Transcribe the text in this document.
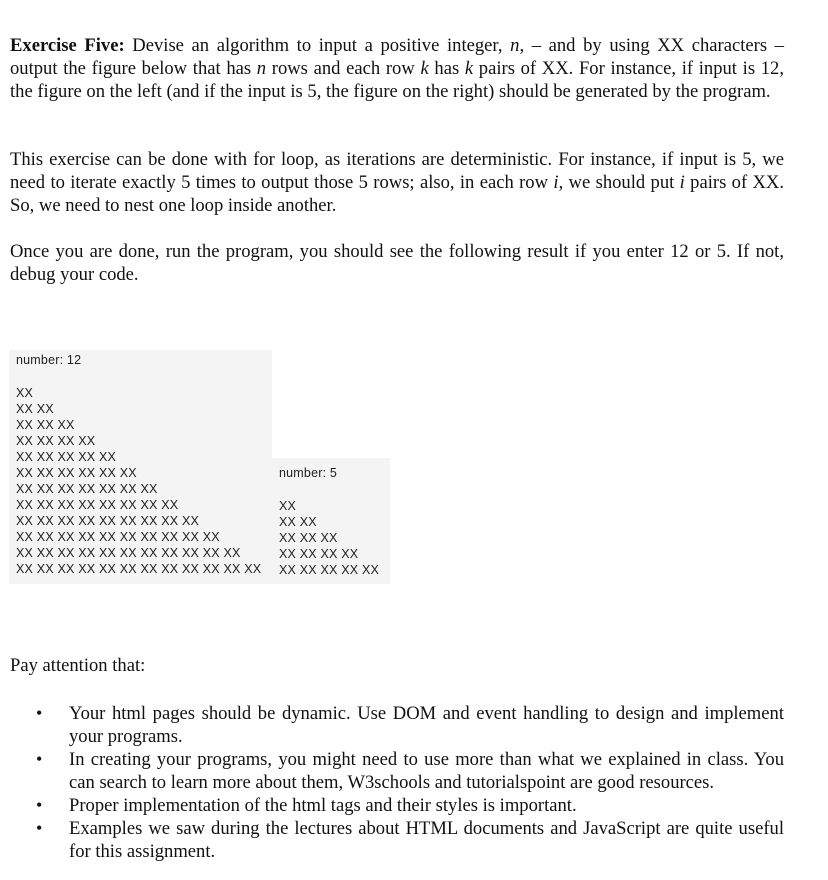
Exercise Five: Devise an algorithm to input a positive integer, n, – and by using XX characters – output the figure below that has n rows and each row k has k pairs of XX. For instance, if input is 12, the figure on the left (and if the input is 5, the figure on the right) should be generated by the program.

This exercise can be done with for loop, as iterations are deterministic. For instance, if input is 5, we need to iterate exactly 5 times to output those 5 rows; also, in each row i, we should put i pairs of XX. So, we need to nest one loop inside another.

Once you are done, run the program, you should see the following result if you enter 12 or 5. If not, debug your code.

number: 12
XX
XX XX
XX XX XX
XX XX XX XX
XX XX XX XX XX
XX XX XX XX XX XX
XX XX XX XX XX XX XX
XX XX XX XX XX XX XX XX
XX XX XX XX XX XX XX XX XX
XX XX XX XX XX XX XX XX XX XX
XX XX XX XX XX XX XX XX XX XX XX
XX XX XX XX XX XX XX XX XX XX XX XX
number: 5
XX
XX XX
XX XX XX
XX XX XX XX
XX XX XX XX XX

Pay attention that:

• Your html pages should be dynamic. Use DOM and event handling to design and implement your programs.
• In creating your programs, you might need to use more than what we explained in class. You can search to learn more about them, W3schools and tutorialspoint are good resources.
• Proper implementation of the html tags and their styles is important.
• Examples we saw during the lectures about HTML documents and JavaScript are quite useful for this assignment.
